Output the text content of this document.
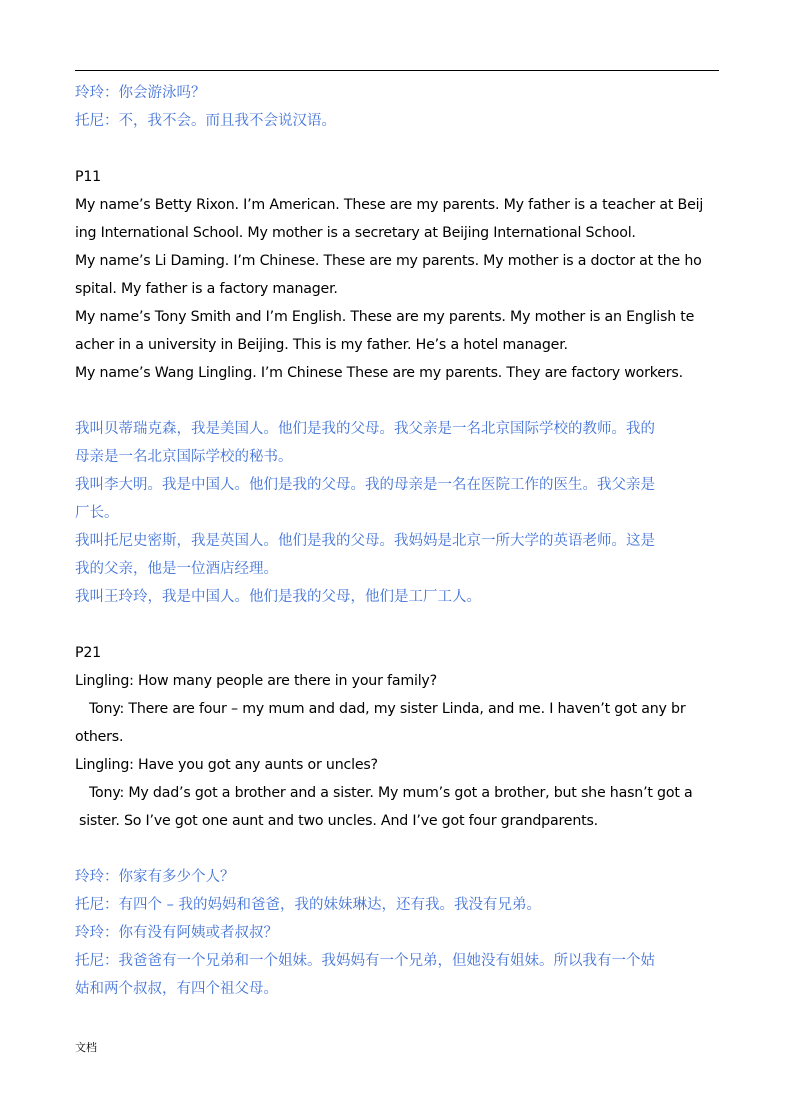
玲玲：你会游泳吗？
托尼：不，我不会。而且我不会说汉语。
P11
My name’s Betty Rixon. I’m American. These are my parents. My father is a teacher at Beij
ing International School. My mother is a secretary at Beijing International School.
My name’s Li Daming. I’m Chinese. These are my parents. My mother is a doctor at the ho
spital. My father is a factory manager.
My name’s Tony Smith and I’m English. These are my parents. My mother is an English te
acher in a university in Beijing. This is my father. He’s a hotel manager.
My name’s Wang Lingling. I’m Chinese These are my parents. They are factory workers.
我叫贝蒂瑞克森，我是美国人。他们是我的父母。我父亲是一名北京国际学校的教师。我的
母亲是一名北京国际学校的秘书。
我叫李大明。我是中国人。他们是我的父母。我的母亲是一名在医院工作的医生。我父亲是
厂长。
我叫托尼史密斯，我是英国人。他们是我的父母。我妈妈是北京一所大学的英语老师。这是
我的父亲，他是一位酒店经理。
我叫王玲玲，我是中国人。他们是我的父母，他们是工厂工人。
P21
Lingling: How many people are there in your family?
Tony: There are four – my mum and dad, my sister Linda, and me. I haven’t got any br
others.
Lingling: Have you got any aunts or uncles?
Tony: My dad’s got a brother and a sister. My mum’s got a brother, but she hasn’t got a
sister. So I’ve got one aunt and two uncles. And I’ve got four grandparents.
玲玲：你家有多少个人？
托尼：有四个 – 我的妈妈和爸爸，我的妹妹琳达，还有我。我没有兄弟。
玲玲：你有没有阿姨或者叔叔？
托尼：我爸爸有一个兄弟和一个姐妹。我妈妈有一个兄弟，但她没有姐妹。所以我有一个姑
姑和两个叔叔，有四个祖父母。
文档
